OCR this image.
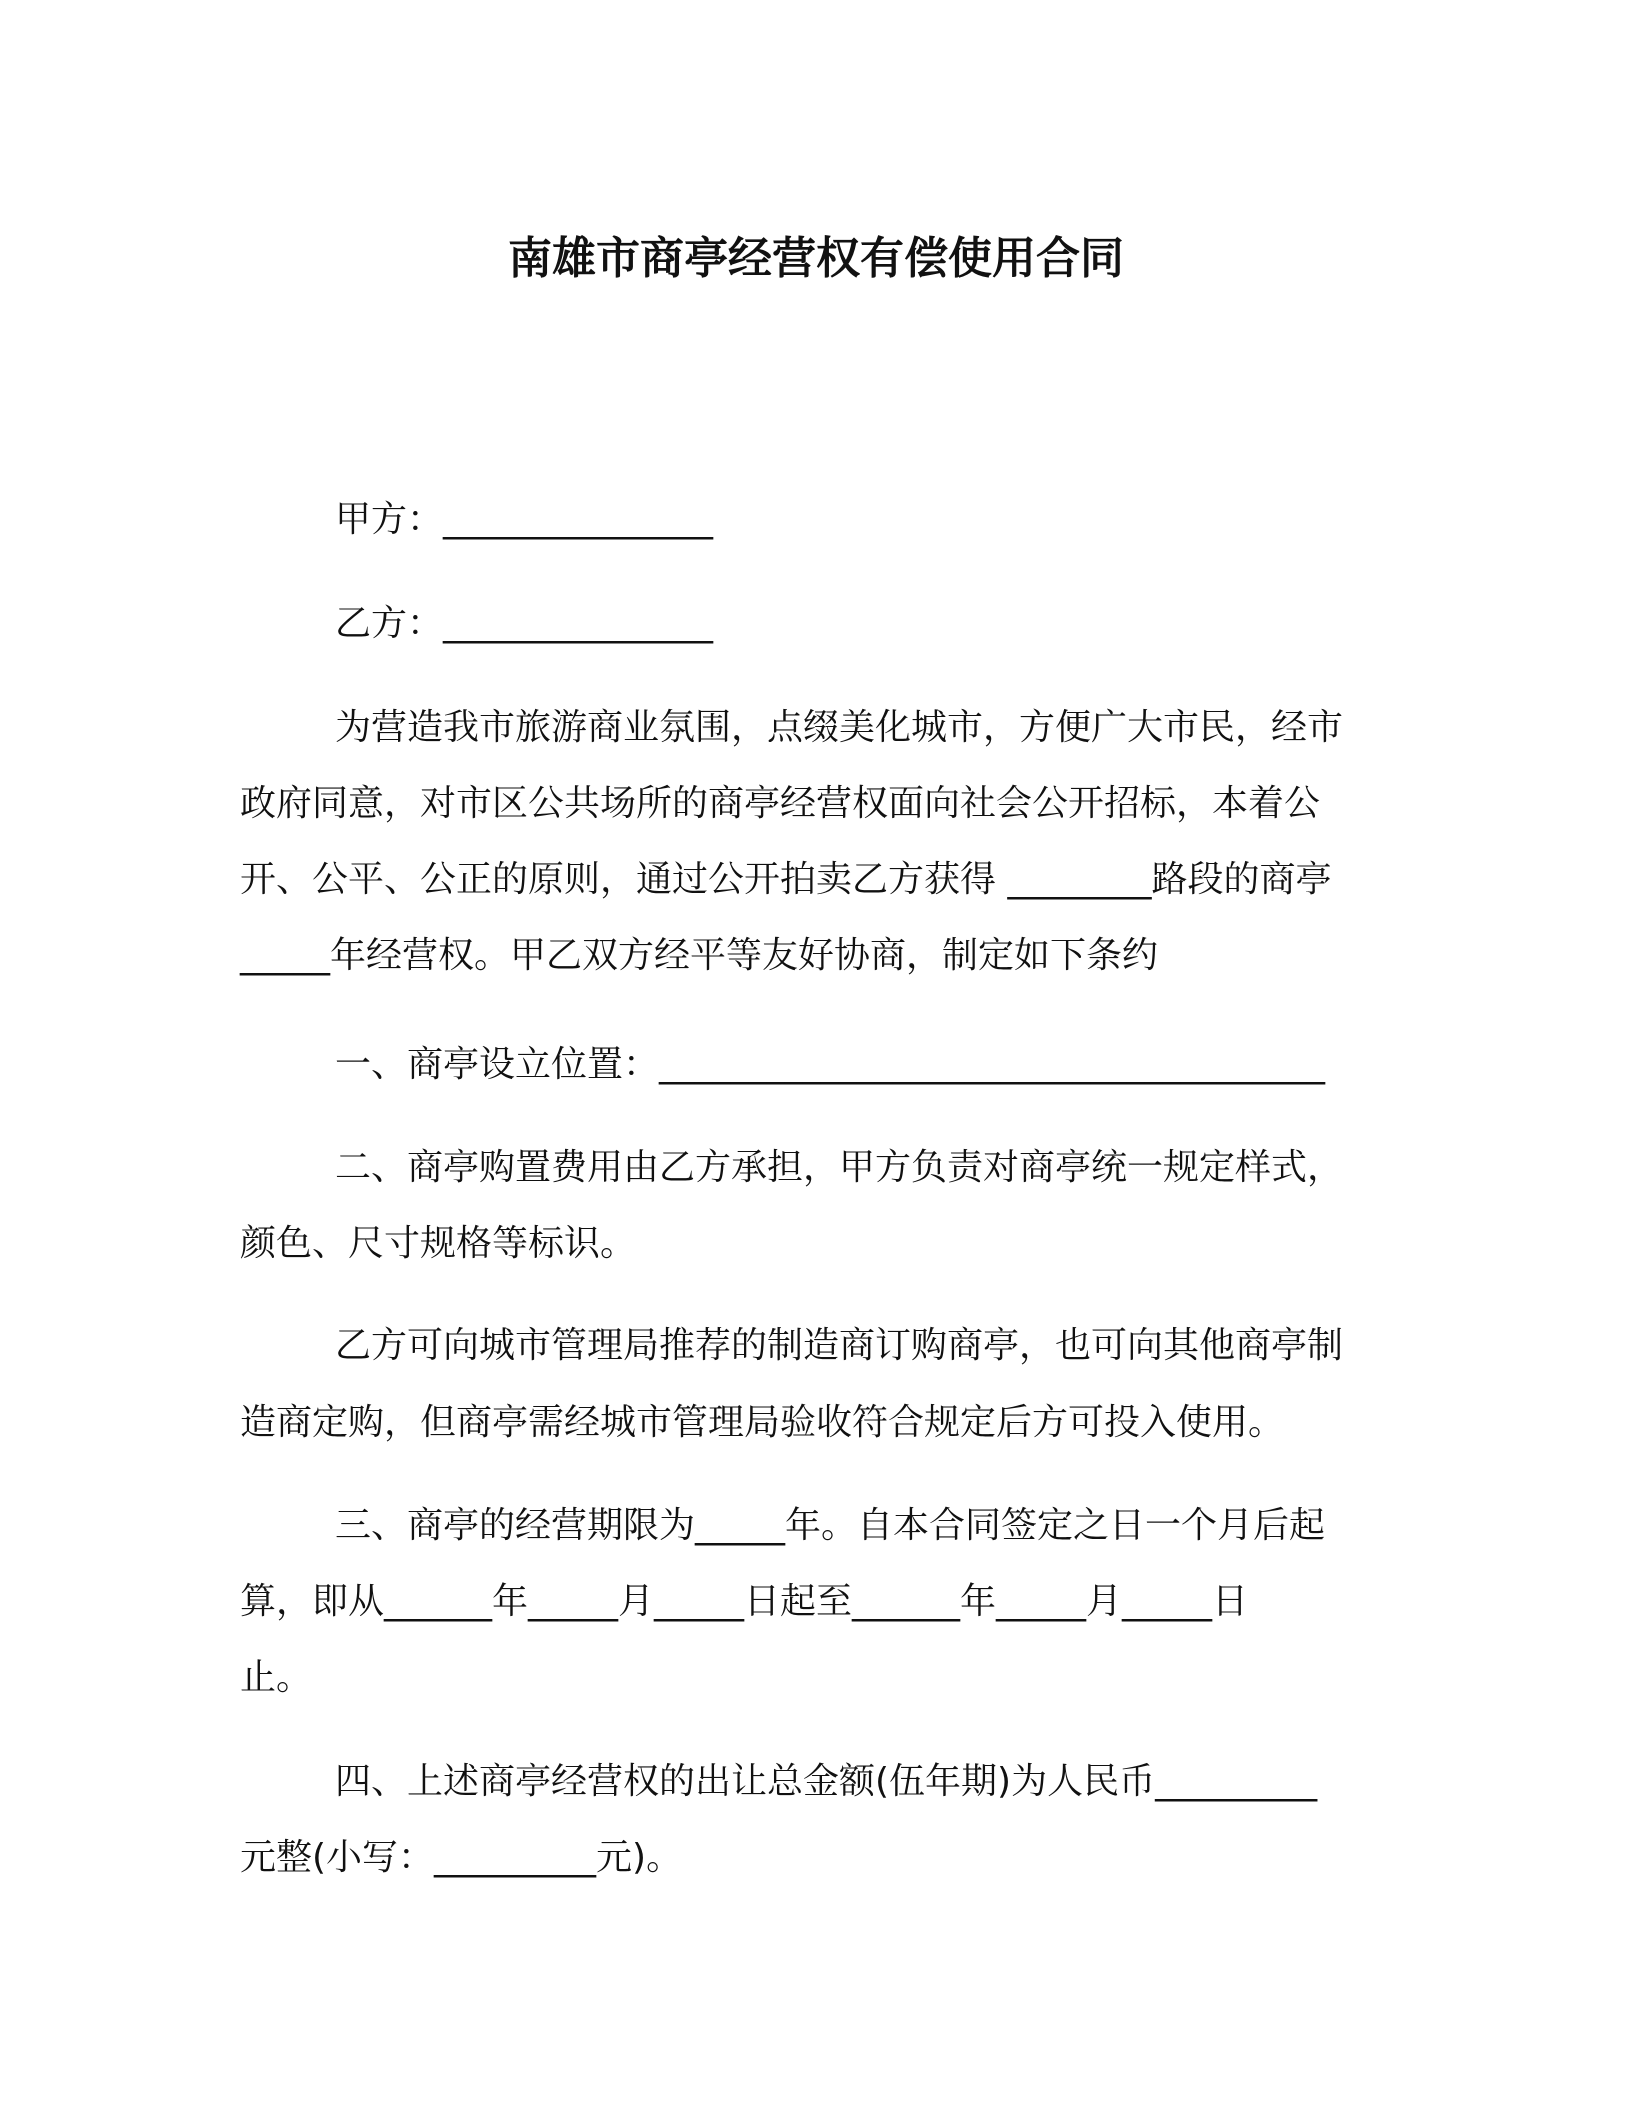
南雄市商亭经营权有偿使用合同
甲方：_______________
乙方：_______________
为营造我市旅游商业氛围，点缀美化城市，方便广大市民，经市
政府同意，对市区公共场所的商亭经营权面向社会公开招标，本着公
开、公平、公正的原则，通过公开拍卖乙方获得 ________路段的商亭
_____年经营权。甲乙双方经平等友好协商，制定如下条约
一、商亭设立位置：_____________________________________
二、商亭购置费用由乙方承担，甲方负责对商亭统一规定样式，
颜色、尺寸规格等标识。
乙方可向城市管理局推荐的制造商订购商亭，也可向其他商亭制
造商定购，但商亭需经城市管理局验收符合规定后方可投入使用。
三、商亭的经营期限为_____年。自本合同签定之日一个月后起
算，即从______年_____月_____日起至______年_____月_____日
止。
四、上述商亭经营权的出让总金额(伍年期)为人民币_________
元整(小写：_________元)。
